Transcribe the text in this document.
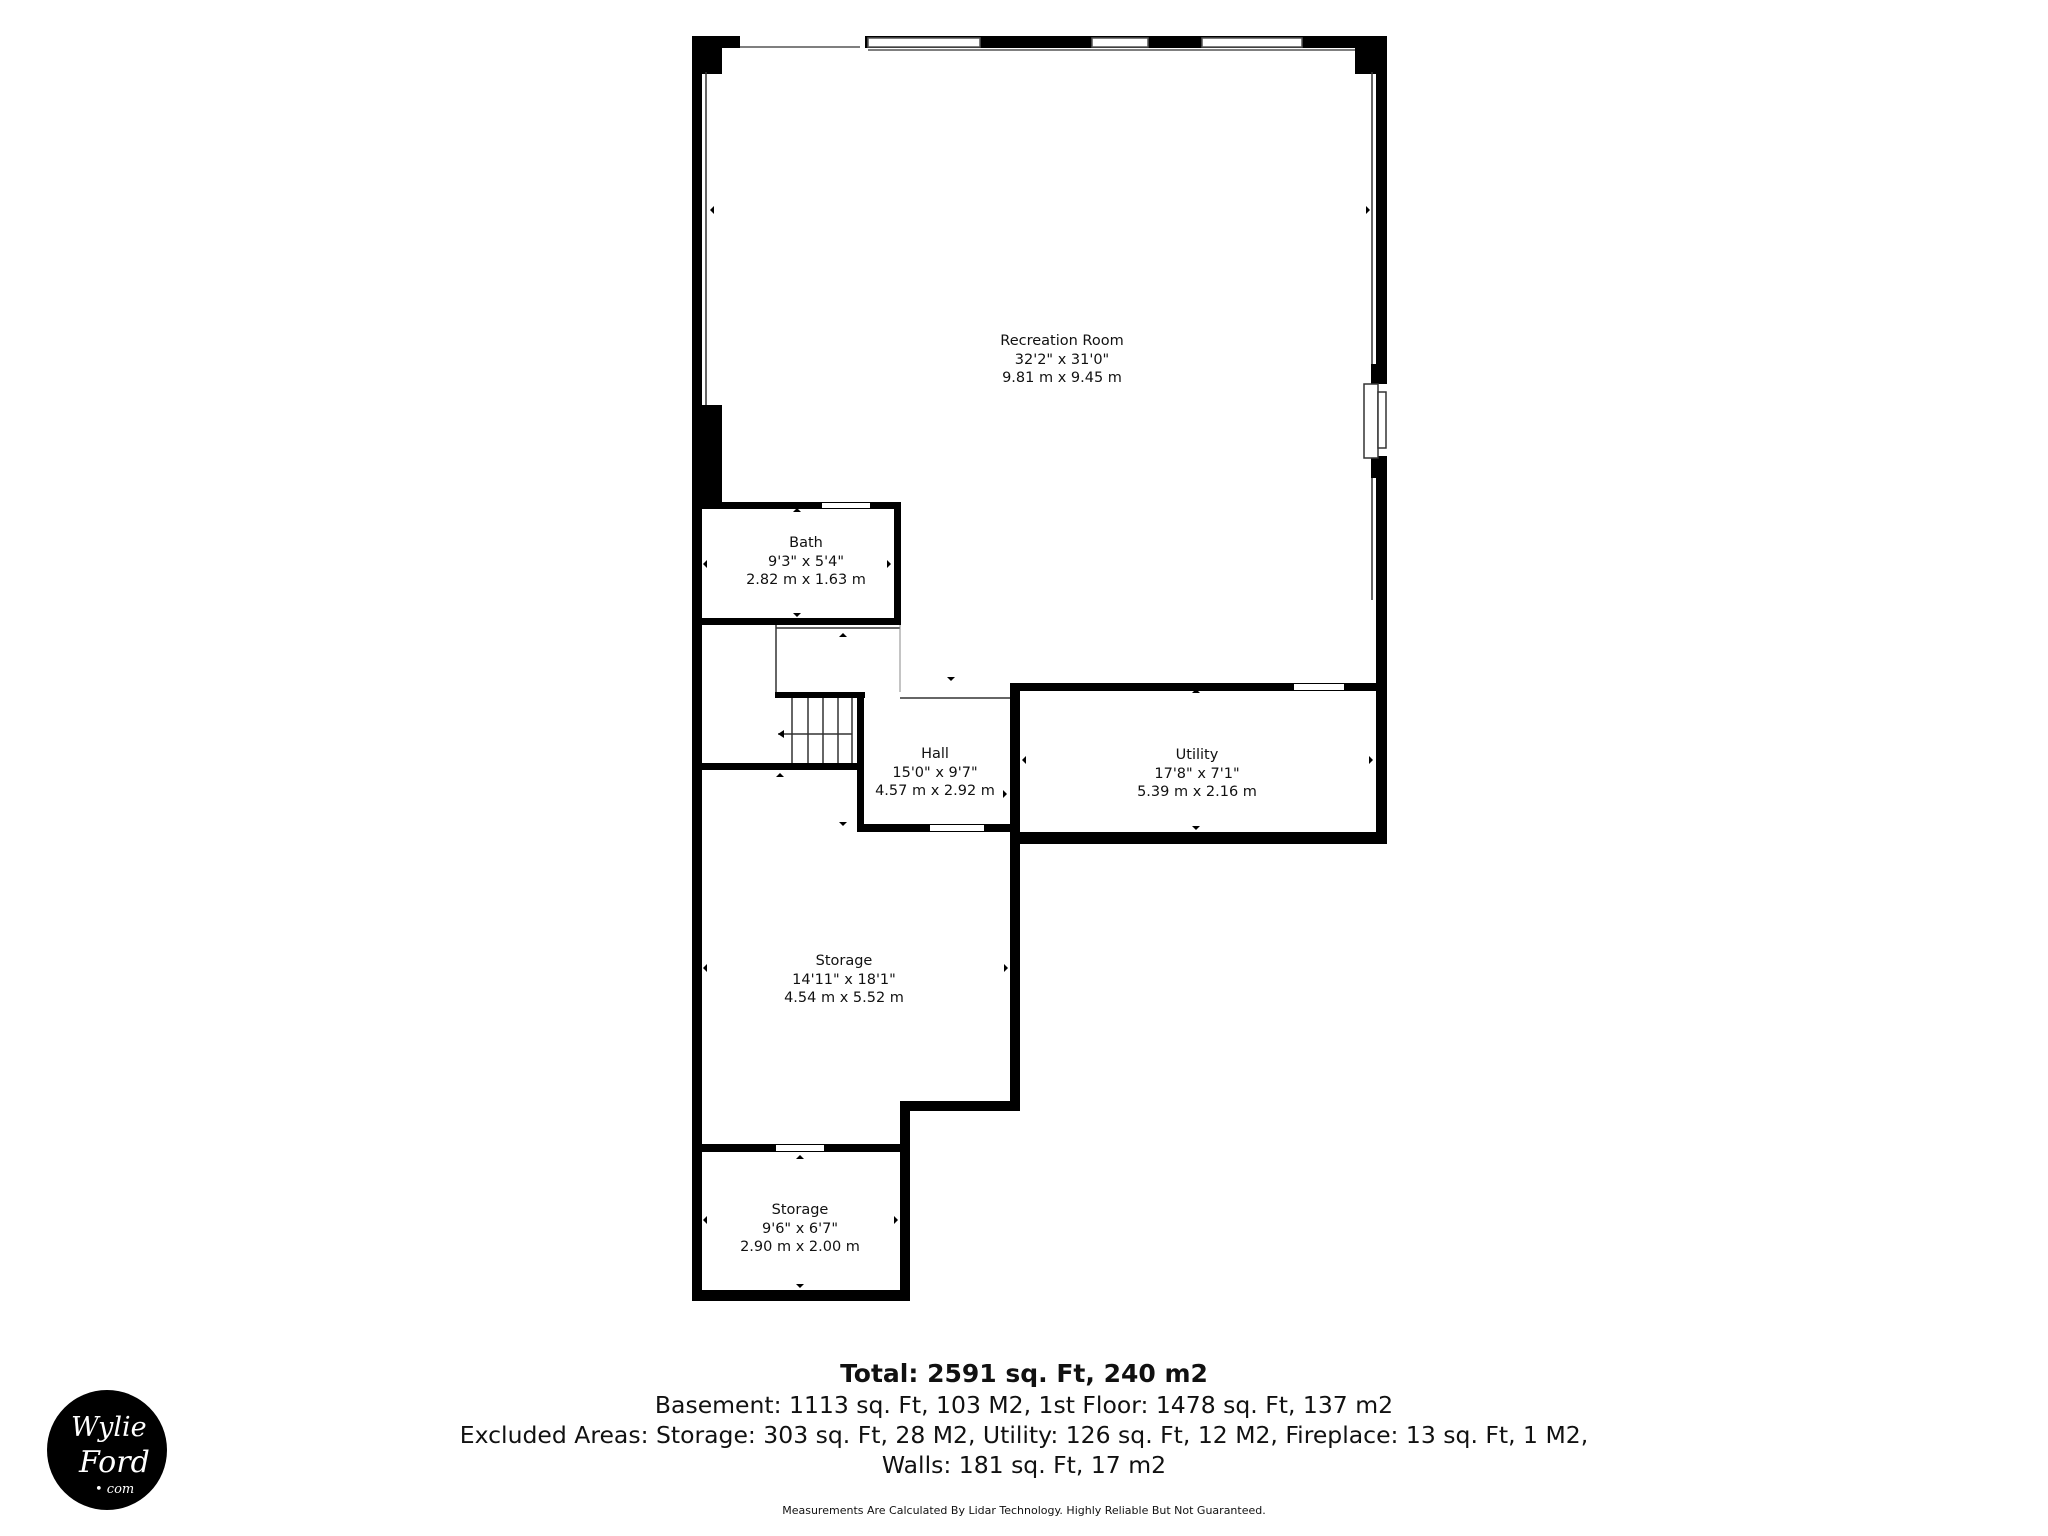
Recreation Room
32'2" x 31'0"
9.81 m x 9.45 m
Bath
9'3" x 5'4"
2.82 m x 1.63 m
Hall
15'0" x 9'7"
4.57 m x 2.92 m
Utility
17'8" x 7'1"
5.39 m x 2.16 m
Storage
14'11" x 18'1"
4.54 m x 5.52 m
Storage
9'6" x 6'7"
2.90 m x 2.00 m
Total: 2591 sq. Ft, 240 m2
Basement: 1113 sq. Ft, 103 M2, 1st Floor: 1478 sq. Ft, 137 m2
Excluded Areas: Storage: 303 sq. Ft, 28 M2, Utility: 126 sq. Ft, 12 M2, Fireplace: 13 sq. Ft, 1 M2,
Walls: 181 sq. Ft, 17 m2
Measurements Are Calculated By Lidar Technology. Highly Reliable But Not Guaranteed.
Wylie
Ford
• com
